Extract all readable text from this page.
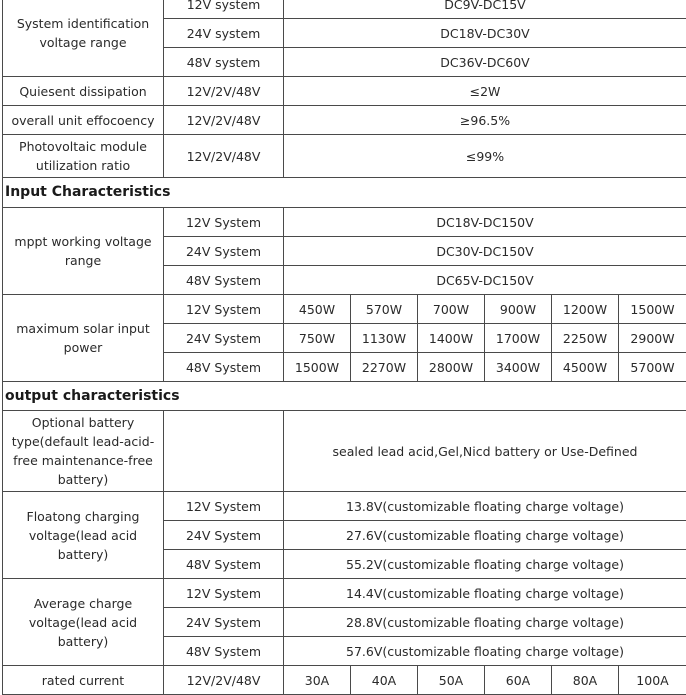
System identification voltage range	12V system	DC9V-DC15V					
	24V system	DC18V-DC30V					
	48V system	DC36V-DC60V					
Quiesent dissipation	12V/2V/48V	≤2W					
overall unit effocoency	12V/2V/48V	≥96.5%					
Photovoltaic module utilization ratio	12V/2V/48V	≤99%					
Input Characteristics							
mppt working voltage range	12V System	DC18V-DC150V					
	24V System	DC30V-DC150V					
	48V System	DC65V-DC150V					
maximum solar input power	12V System	450W	570W	700W	900W	1200W	1500W
	24V System	750W	1130W	1400W	1700W	2250W	2900W
	48V System	1500W	2270W	2800W	3400W	4500W	5700W
output characteristics							
Optional battery type(default lead-acid-free maintenance-free battery)		sealed lead acid,Gel,Nicd battery or Use-Defined					
Floatong charging voltage(lead acid battery)	12V System	13.8V(customizable floating charge voltage)					
	24V System	27.6V(customizable floating charge voltage)					
	48V System	55.2V(customizable floating charge voltage)					
Average charge voltage(lead acid battery)	12V System	14.4V(customizable floating charge voltage)					
	24V System	28.8V(customizable floating charge voltage)					
	48V System	57.6V(customizable floating charge voltage)					
rated current	12V/2V/48V	30A	40A	50A	60A	80A	100A
